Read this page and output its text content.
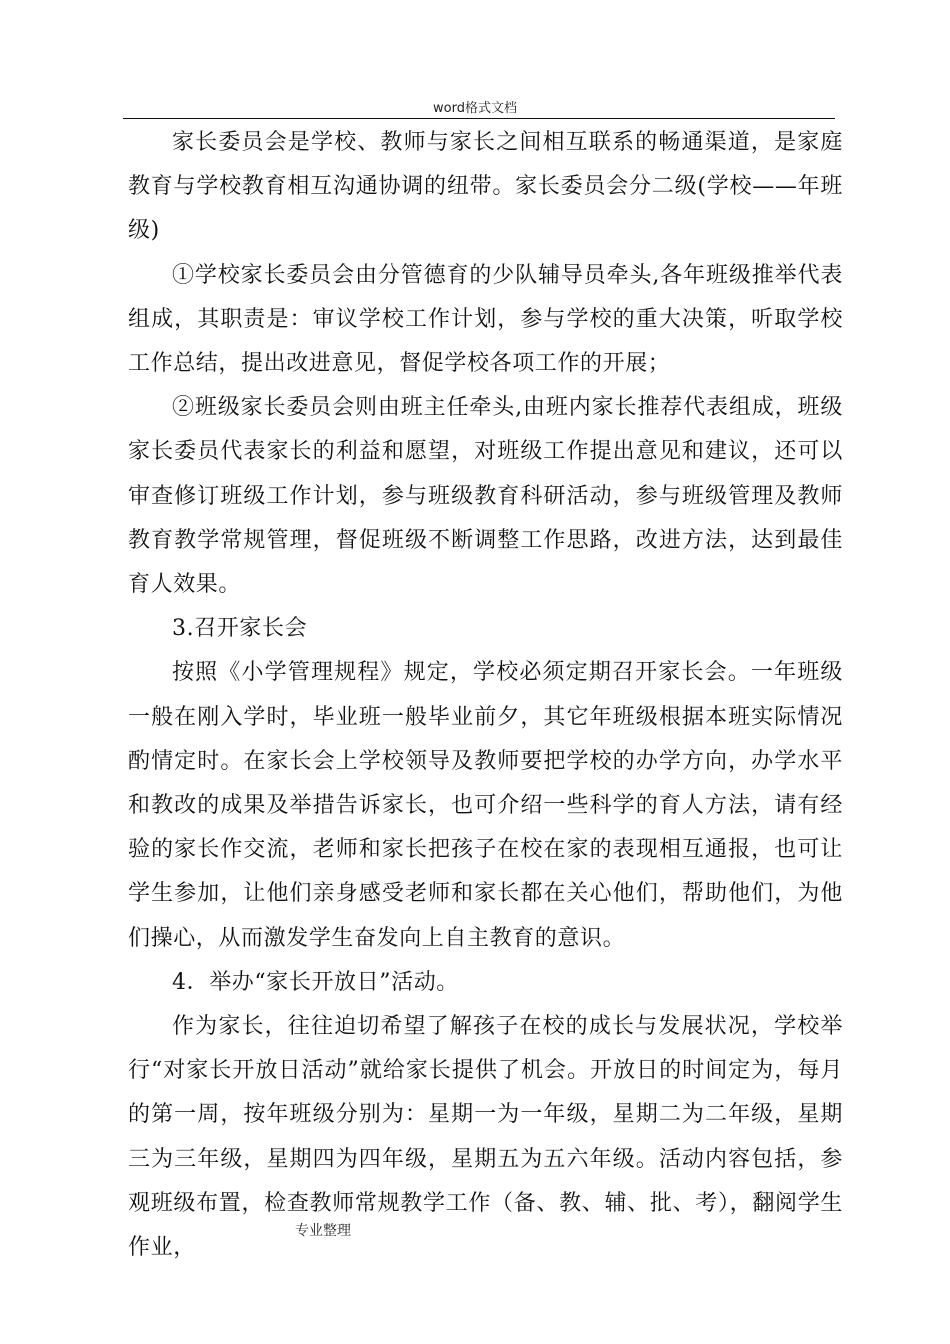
word格式文档

家长委员会是学校、教师与家长之间相互联系的畅通渠道，是家庭教育与学校教育相互沟通协调的纽带。家长委员会分二级(学校——年班级)

①学校家长委员会由分管德育的少队辅导员牵头,各年班级推举代表组成，其职责是：审议学校工作计划，参与学校的重大决策，听取学校工作总结，提出改进意见，督促学校各项工作的开展；

②班级家长委员会则由班主任牵头,由班内家长推荐代表组成，班级家长委员代表家长的利益和愿望，对班级工作提出意见和建议，还可以审查修订班级工作计划，参与班级教育科研活动，参与班级管理及教师教育教学常规管理，督促班级不断调整工作思路，改进方法，达到最佳育人效果。

3.召开家长会

按照《小学管理规程》规定，学校必须定期召开家长会。一年班级一般在刚入学时，毕业班一般毕业前夕，其它年班级根据本班实际情况酌情定时。在家长会上学校领导及教师要把学校的办学方向，办学水平和教改的成果及举措告诉家长，也可介绍一些科学的育人方法，请有经验的家长作交流，老师和家长把孩子在校在家的表现相互通报，也可让学生参加，让他们亲身感受老师和家长都在关心他们，帮助他们，为他们操心，从而激发学生奋发向上自主教育的意识。

4．举办“家长开放日”活动。

作为家长，往往迫切希望了解孩子在校的成长与发展状况，学校举行“对家长开放日活动”就给家长提供了机会。开放日的时间定为，每月的第一周，按年班级分别为：星期一为一年级，星期二为二年级，星期三为三年级，星期四为四年级，星期五为五六年级。活动内容包括，参观班级布置，检查教师常规教学工作（备、教、辅、批、考），翻阅学生作业，

专业整理
